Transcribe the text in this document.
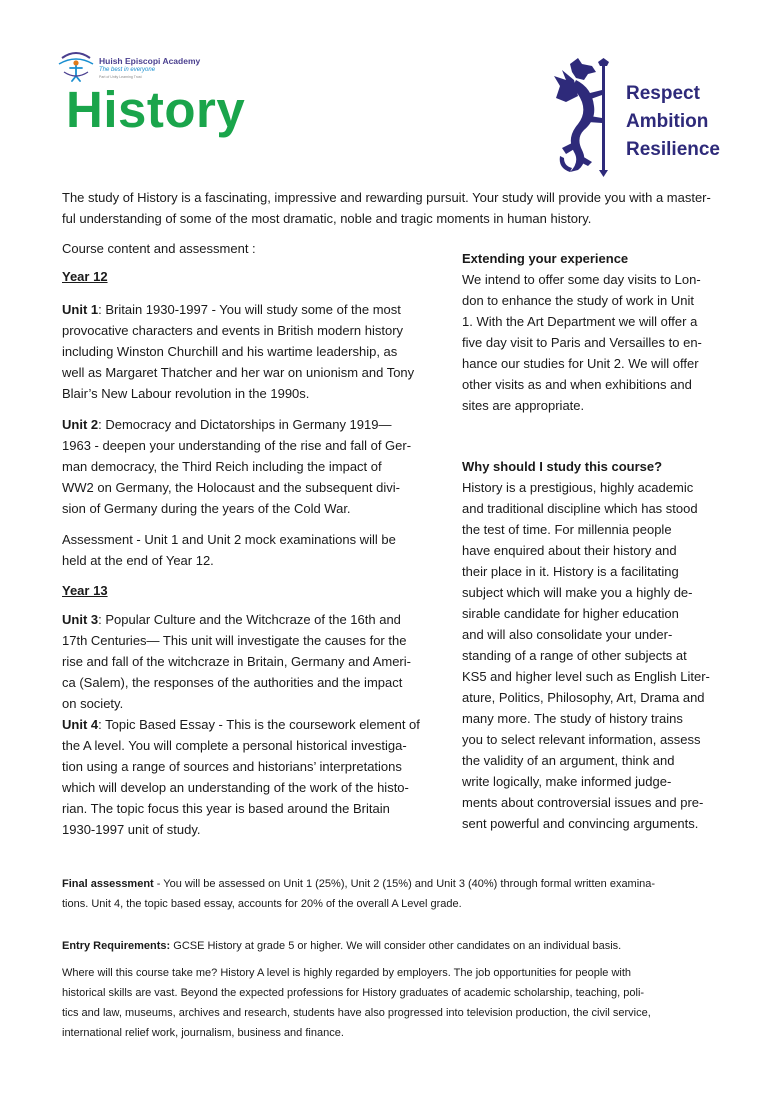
Huish Episcopi Academy
The best in everyone
Part of Unity Learning Trust
History	Respect
Ambition
Resilience
The study of History is a fascinating, impressive and rewarding pursuit. Your study will provide you with a master-
ful understanding of some of the most dramatic, noble and tragic moments in human history.
Course content and assessment :
Year 12
Unit 1: Britain 1930-1997 - You will study some of the most
provocative characters and events in British modern history
including Winston Churchill and his wartime leadership, as
well as Margaret Thatcher and her war on unionism and Tony
Blair’s New Labour revolution in the 1990s.
Unit 2: Democracy and Dictatorships in Germany 1919—
1963 - deepen your understanding of the rise and fall of Ger-
man democracy, the Third Reich including the impact of
WW2 on Germany, the Holocaust and the subsequent divi-
sion of Germany during the years of the Cold War.
Assessment - Unit 1 and Unit 2 mock examinations will be
held at the end of Year 12.
Year 13
Unit 3: Popular Culture and the Witchcraze of the 16th and
17th Centuries— This unit will investigate the causes for the
rise and fall of the witchcraze in Britain, Germany and Ameri-
ca (Salem), the responses of the authorities and the impact
on society.
Unit 4: Topic Based Essay - This is the coursework element of
the A level. You will complete a personal historical investiga-
tion using a range of sources and historians’ interpretations
which will develop an understanding of the work of the histo-
rian. The topic focus this year is based around the Britain
1930-1997 unit of study.
Extending your experience
We intend to offer some day visits to Lon-
don to enhance the study of work in Unit
1. With the Art Department we will offer a
five day visit to Paris and Versailles to en-
hance our studies for Unit 2. We will offer
other visits as and when exhibitions and
sites are appropriate.
Why should I study this course?
History is a prestigious, highly academic
and traditional discipline which has stood
the test of time. For millennia people
have enquired about their history and
their place in it. History is a facilitating
subject which will make you a highly de-
sirable candidate for higher education
and will also consolidate your under-
standing of a range of other subjects at
KS5 and higher level such as English Liter-
ature, Politics, Philosophy, Art, Drama and
many more. The study of history trains
you to select relevant information, assess
the validity of an argument, think and
write logically, make informed judge-
ments about controversial issues and pre-
sent powerful and convincing arguments.
Final assessment - You will be assessed on Unit 1 (25%), Unit 2 (15%) and Unit 3 (40%) through formal written examina-
tions. Unit 4, the topic based essay, accounts for 20% of the overall A Level grade.
Entry Requirements: GCSE History at grade 5 or higher. We will consider other candidates on an individual basis.
Where will this course take me? History A level is highly regarded by employers. The job opportunities for people with
historical skills are vast. Beyond the expected professions for History graduates of academic scholarship, teaching, poli-
tics and law, museums, archives and research, students have also progressed into television production, the civil service,
international relief work, journalism, business and finance.
